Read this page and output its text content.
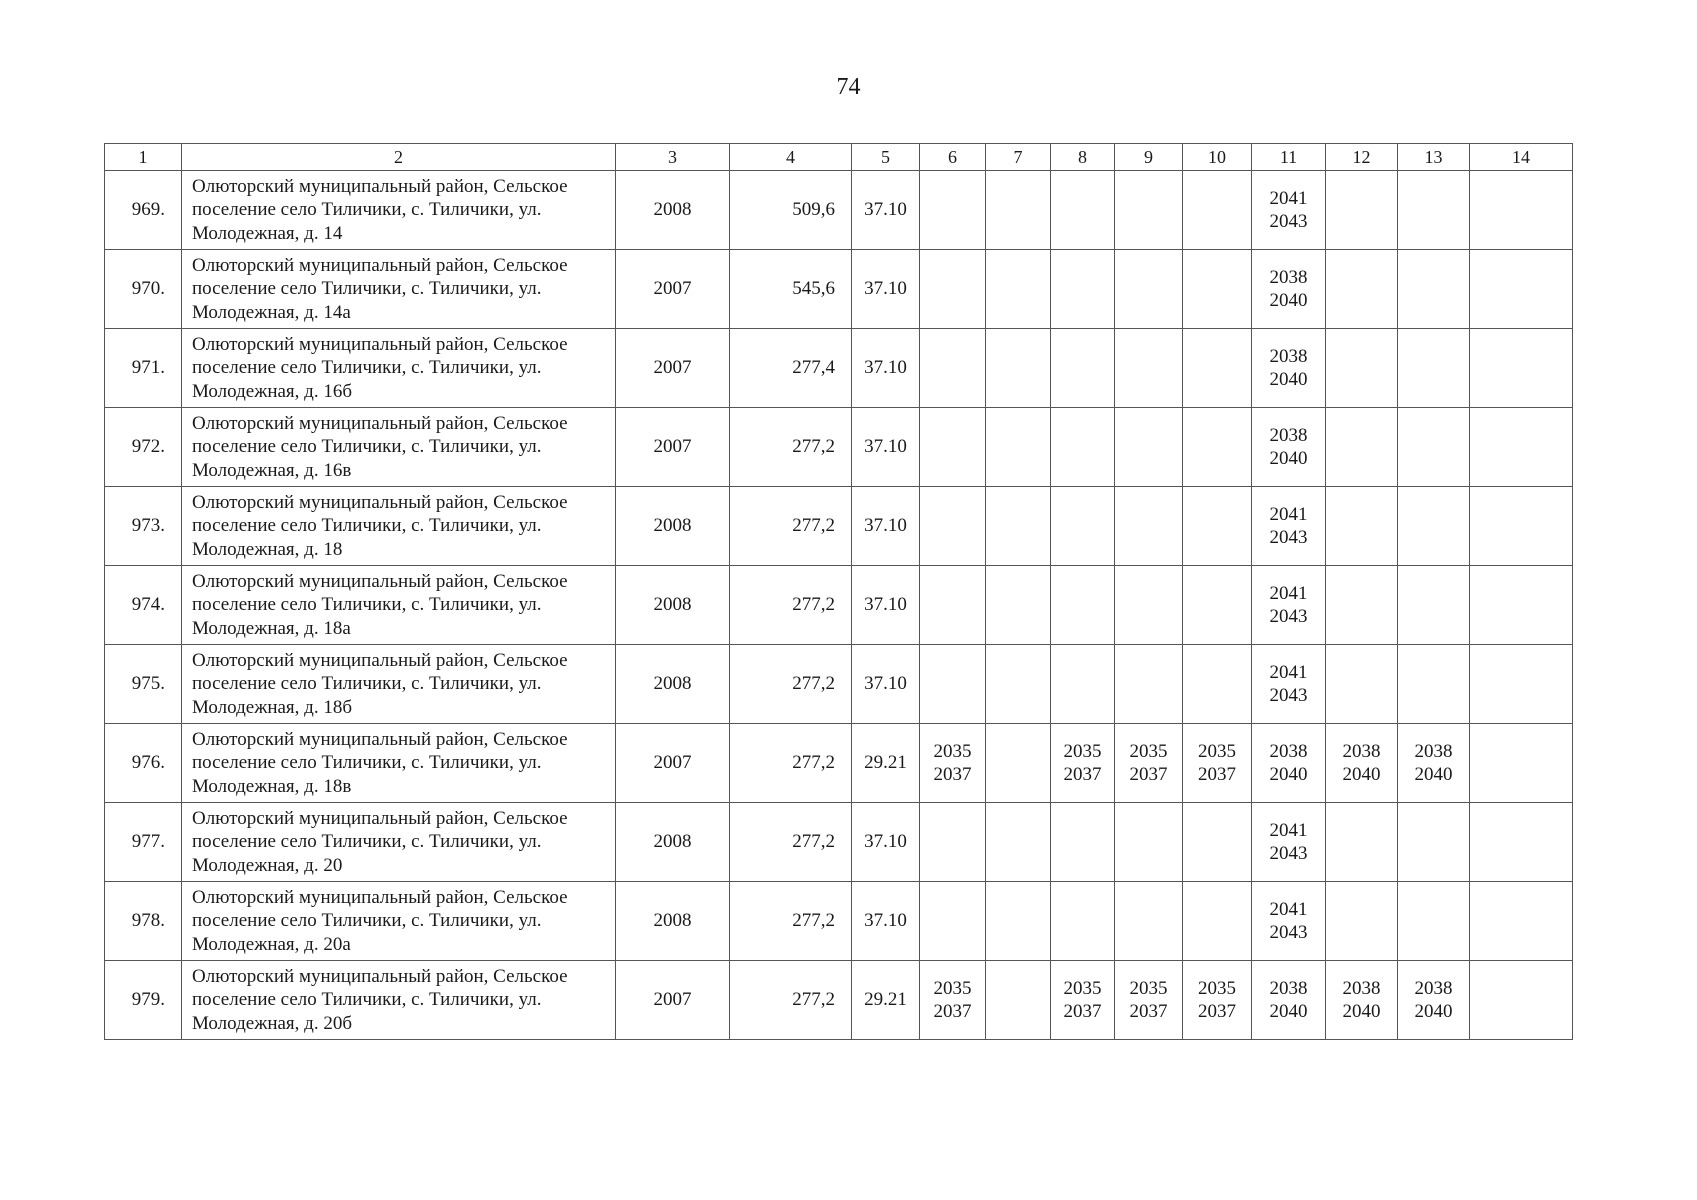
74
1	2	3	4	5	6	7	8	9	10	11	12	13	14
969.	Олюторский муниципальный район, Сельское поселение село Тиличики, с. Тиличики, ул. Молодежная, д. 14	2008	509,6	37.10						2041
2043			

970.	Олюторский муниципальный район, Сельское поселение село Тиличики, с. Тиличики, ул. Молодежная, д. 14а	2007	545,6	37.10						2038
2040			

971.	Олюторский муниципальный район, Сельское поселение село Тиличики, с. Тиличики, ул. Молодежная, д. 16б	2007	277,4	37.10						2038
2040			

972.	Олюторский муниципальный район, Сельское поселение село Тиличики, с. Тиличики, ул. Молодежная, д. 16в	2007	277,2	37.10						2038
2040			

973.	Олюторский муниципальный район, Сельское поселение село Тиличики, с. Тиличики, ул. Молодежная, д. 18	2008	277,2	37.10						2041
2043			

974.	Олюторский муниципальный район, Сельское поселение село Тиличики, с. Тиличики, ул. Молодежная, д. 18а	2008	277,2	37.10						2041
2043			

975.	Олюторский муниципальный район, Сельское поселение село Тиличики, с. Тиличики, ул. Молодежная, д. 18б	2008	277,2	37.10						2041
2043			

976.	Олюторский муниципальный район, Сельское поселение село Тиличики, с. Тиличики, ул. Молодежная, д. 18в	2007	277,2	29.21	2035
2037		2035
2037	2035
2037	2035
2037	2038
2040	2038
2040	2038
2040	

977.	Олюторский муниципальный район, Сельское поселение село Тиличики, с. Тиличики, ул. Молодежная, д. 20	2008	277,2	37.10						2041
2043			

978.	Олюторский муниципальный район, Сельское поселение село Тиличики, с. Тиличики, ул. Молодежная, д. 20а	2008	277,2	37.10						2041
2043			

979.	Олюторский муниципальный район, Сельское поселение село Тиличики, с. Тиличики, ул. Молодежная, д. 20б	2007	277,2	29.21	2035
2037		2035
2037	2035
2037	2035
2037	2038
2040	2038
2040	2038
2040	
